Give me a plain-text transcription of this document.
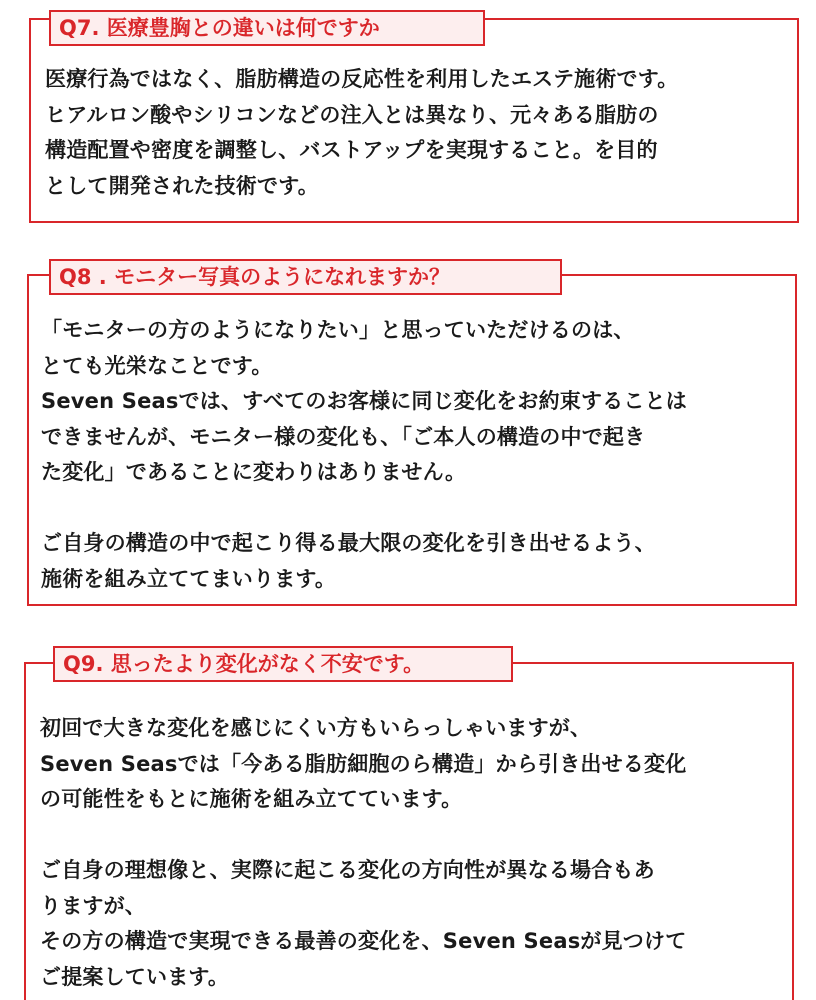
Q7. 医療豊胸との違いは何ですか

医療行為ではなく、脂肪構造の反応性を利用したエステ施術です。
ヒアルロン酸やシリコンなどの注入とは異なり、元々ある脂肪の
構造配置や密度を調整し、バストアップを実現すること。を目的
として開発された技術です。

Q8 . モニター写真のようになれますか？

「モニターの方のようになりたい」と思っていただけるのは、
とても光栄なことです。
Seven Seasでは、すべてのお客様に同じ変化をお約束することは
できませんが、モニター様の変化も、「ご本人の構造の中で起き
た変化」であることに変わりはありません。

ご自身の構造の中で起こり得る最大限の変化を引き出せるよう、
施術を組み立ててまいります。

Q9. 思ったより変化がなく不安です。

初回で大きな変化を感じにくい方もいらっしゃいますが、
Seven Seasでは「今ある脂肪細胞のら構造」から引き出せる変化
の可能性をもとに施術を組み立てています。

ご自身の理想像と、実際に起こる変化の方向性が異なる場合もあ
りますが、
その方の構造で実現できる最善の変化を、Seven Seasが見つけて
ご提案しています。
